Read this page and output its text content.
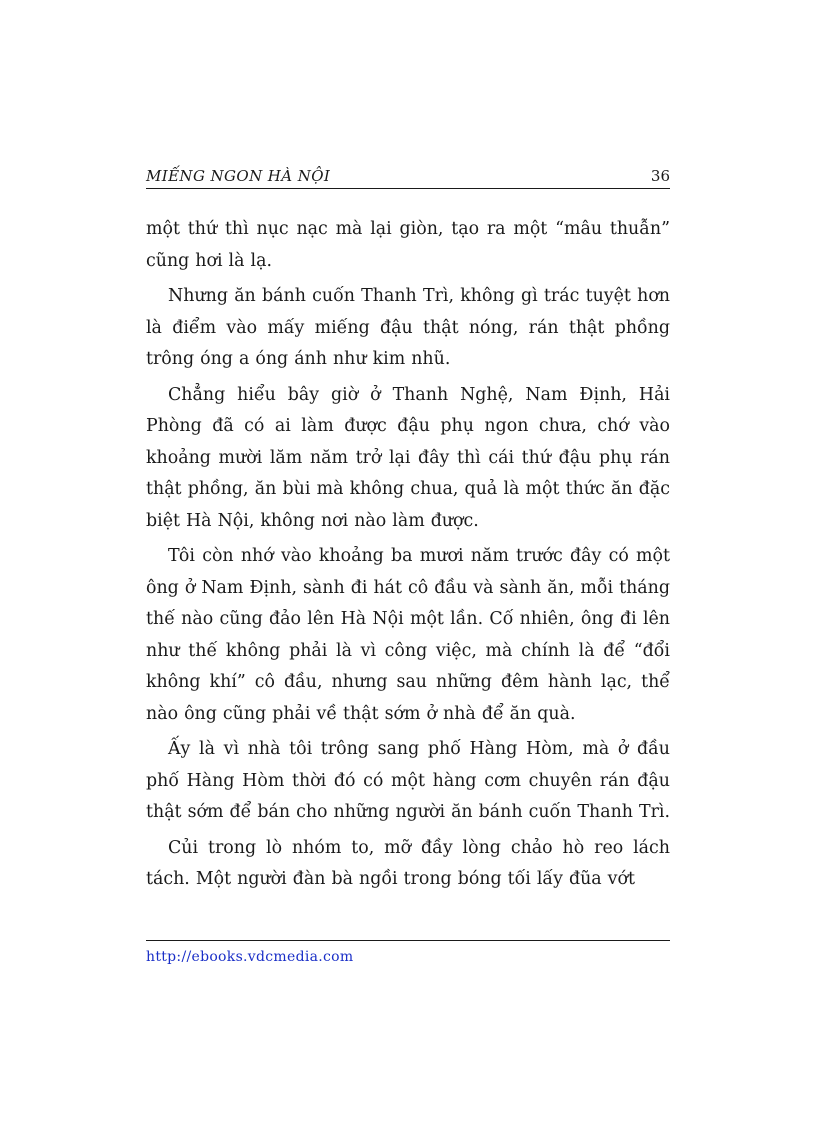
MIẾNG NGON HÀ NỘI	36

một thứ thì nục nạc mà lại giòn, tạo ra một “mâu thuẫn” cũng hơi là lạ.

Nhưng ăn bánh cuốn Thanh Trì, không gì trác tuyệt hơn là điểm vào mấy miếng đậu thật nóng, rán thật phồng trông óng a óng ánh như kim nhũ.

Chẳng hiểu bây giờ ở Thanh Nghệ, Nam Định, Hải Phòng đã có ai làm được đậu phụ ngon chưa, chớ vào khoảng mười lăm năm trở lại đây thì cái thứ đậu phụ rán thật phồng, ăn bùi mà không chua, quả là một thức ăn đặc biệt Hà Nội, không nơi nào làm được.

Tôi còn nhớ vào khoảng ba mươi năm trước đây có một ông ở Nam Định, sành đi hát cô đầu và sành ăn, mỗi tháng thế nào cũng đảo lên Hà Nội một lần. Cố nhiên, ông đi lên như thế không phải là vì công việc, mà chính là để “đổi không khí” cô đầu, nhưng sau những đêm hành lạc, thể nào ông cũng phải về thật sớm ở nhà để ăn quà.

Ấy là vì nhà tôi trông sang phố Hàng Hòm, mà ở đầu phố Hàng Hòm thời đó có một hàng cơm chuyên rán đậu thật sớm để bán cho những người ăn bánh cuốn Thanh Trì.

Củi trong lò nhóm to, mỡ đầy lòng chảo hò reo lách tách. Một người đàn bà ngồi trong bóng tối lấy đũa vớt

http://ebooks.vdcmedia.com
